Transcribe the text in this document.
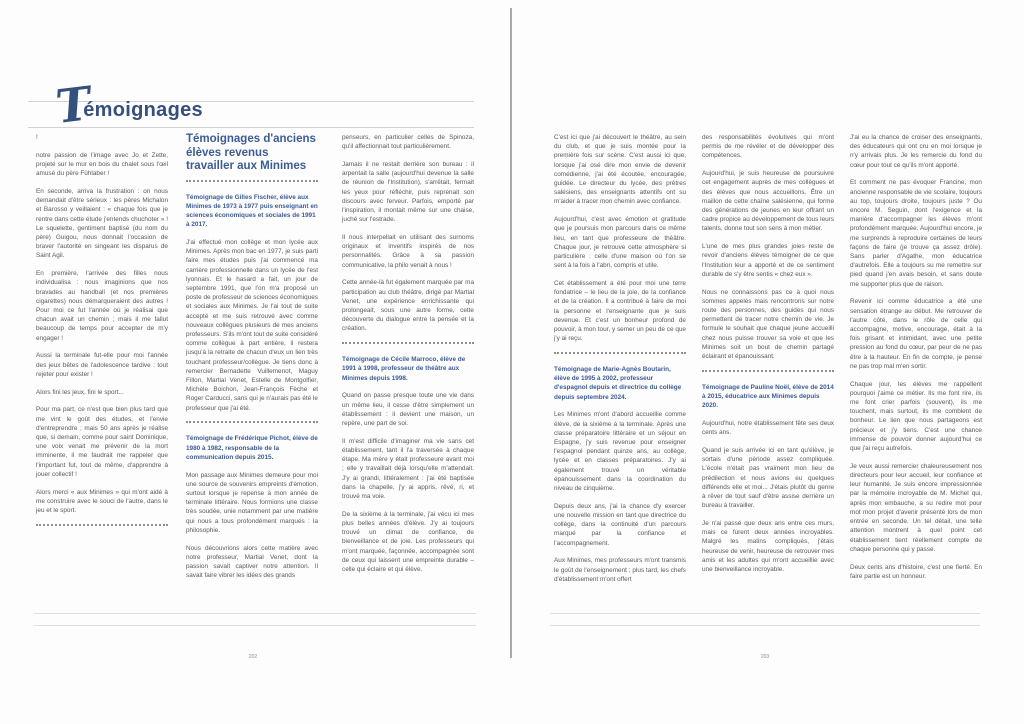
Témoignages
!
notre passion de l'image avec Jo et Zette, projeté sur le mur en bois du chalet sous l'œil amusé du père Fühlaber !
En seconde, arriva la frustration : on nous demandait d'être sérieux : les pères Michalon et Barosso y veillaient : « chaque fois que je rentre dans cette étude j'entends chuchoter » ! Le squelette, gentiment baptisé (du nom du père) Guigou, nous donnait l'occasion de braver l'autorité en singeant les disparus de Saint Agil.
En première, l'arrivée des filles nous individualisa : nous imaginions que nos bravades au handball (et nos premières cigarettes) nous démarqueraient des autres ! Pour moi ce fut l'année où je réalisai que chacun avait un chemin ; mais il me fallut beaucoup de temps pour accepter de m'y engager !
Aussi la terminale fut-elle pour moi l'année des jeux bêtes de l'adolescence tardive : tout rejeter pour exister !
Alors fini les jeux, fini le sport...
Pour ma part, ce n'est que bien plus tard que me vint le goût des études, et l'envie d'entreprendre ; mais 50 ans après je réalise que, si demain, comme pour saint Dominique, une voix venait me prévenir de la mort imminente, il me faudrait me rappeler que l'important fut, tout de même, d'apprendre à jouer collectif !
Alors merci « aux Minimes » qui m'ont aidé à me construire avec le souci de l'autre, dans le jeu et le sport.
Témoignages d'anciens élèves revenus travailler aux Minimes
Témoignage de Gilles Fischer, élève aux Minimes de 1973 à 1977 puis enseignant en sciences économiques et sociales de 1991 à 2017.
J'ai effectué mon collège et mon lycée aux Minimes. Après mon bac en 1977, je suis parti faire mes études puis j'ai commencé ma carrière professionnelle dans un lycée de l'est lyonnais. Et le hasard a fait, un jour de septembre 1991, que l'on m'a proposé un poste de professeur de sciences économiques et sociales aux Minimes. Je l'ai tout de suite accepté et me suis retrouvé avec comme nouveaux collègues plusieurs de mes anciens professeurs. S'ils m'ont tout de suite considéré comme collègue à part entière, il restera jusqu'à la retraite de chacun d'eux un lien très touchant professeur/collègue. Je tiens donc à remercier Bernadette Vuillemenot, Maguy Fillon, Martial Venet, Estelle de Montgolfier, Michèle Boichon, Jean-François Fèche et Roger Carducci, sans qui je n'aurais pas été le professeur que j'ai été.
Témoignage de Frédérique Pichot, élève de 1980 à 1982, responsable de la communication depuis 2015.
Mon passage aux Minimes demeure pour moi une source de souvenirs empreints d'émotion, surtout lorsque je repense à mon année de terminale littéraire. Nous formions une classe très soudée, unie notamment par une matière qui nous a tous profondément marqués : la philosophie.
Nous découvrions alors cette matière avec notre professeur, Martial Venet, dont la passion savait captiver notre attention. Il savait faire vibrer les idées des grands
penseurs, en particulier celles de Spinoza, qu'il affectionnait tout particulièrement.
Jamais il ne restait derrière son bureau : il arpentait la salle (aujourd'hui devenue la salle de réunion de l'Institution), s'arrêtait, fermait les yeux pour réfléchir, puis reprenait son discours avec ferveur. Parfois, emporté par l'inspiration, il montait même sur une chaise, juché sur l'estrade.
Il nous interpellait en utilisant des surnoms originaux et inventifs inspirés de nos personnalités. Grâce à sa passion communicative, la philo venait à nous !
Cette année-là fut également marquée par ma participation au club théâtre, dirigé par Martial Venet, une expérience enrichissante qui prolongeait, sous une autre forme, cette découverte du dialogue entre la pensée et la création.
Témoignage de Cécile Marroco, élève de 1991 à 1998, professeur de théâtre aux Minimes depuis 1998.
Quand on passe presque toute une vie dans un même lieu, il cesse d'être simplement un établissement : il devient une maison, un repère, une part de soi.
Il m'est difficile d'imaginer ma vie sans cet établissement, tant il l'a traversée à chaque étape. Ma mère y était professeure avant moi ; elle y travaillait déjà lorsqu'elle m'attendait. J'y ai grandi, littéralement : j'ai été baptisée dans la chapelle, j'y ai appris, rêvé, ri, et trouvé ma voie.
De la sixième à la terminale, j'ai vécu ici mes plus belles années d'élève. J'y ai toujours trouvé un climat de confiance, de bienveillance et de joie. Les professeurs qui m'ont marquée, façonnée, accompagnée sont de ceux qui laissent une empreinte durable – celle qui éclaire et qui élève.
202
C'est ici que j'ai découvert le théâtre, au sein du club, et que je suis montée pour la première fois sur scène. C'est aussi ici que, lorsque j'ai osé dire mon envie de devenir comédienne, j'ai été écoutée, encouragée, guidée. Le directeur du lycée, des prêtres salésiens, des enseignants attentifs ont su m'aider à tracer mon chemin avec confiance.
Aujourd'hui, c'est avec émotion et gratitude que je poursuis mon parcours dans ce même lieu, en tant que professeure de théâtre. Chaque jour, je retrouve cette atmosphère si particulière : celle d'une maison où l'on se sent à la fois à l'abri, compris et utile.
Cet établissement a été pour moi une terre fondatrice – le lieu de la joie, de la confiance et de la création. Il a contribué à faire de moi la personne et l'enseignante que je suis devenue. Et c'est un bonheur profond de pouvoir, à mon tour, y semer un peu de ce que j'y ai reçu.
Témoignage de Marie-Agnès Boutarin, élève de 1995 à 2002, professeur d'espagnol depuis et directrice du collège depuis septembre 2024.
Les Minimes m'ont d'abord accueillie comme élève, de la sixième à la terminale. Après une classe préparatoire littéraire et un séjour en Espagne, j'y suis revenue pour enseigner l'espagnol pendant quinze ans, au collège, lycée et en classes préparatoires. J'y ai également trouvé un véritable épanouissement dans la coordination du niveau de cinquième.
Depuis deux ans, j'ai la chance d'y exercer une nouvelle mission en tant que directrice du collège, dans la continuité d'un parcours marqué par la confiance et l'accompagnement.
Aux Minimes, mes professeurs m'ont transmis le goût de l'enseignement ; plus tard, les chefs d'établissement m'ont offert
des responsabilités évolutives qui m'ont permis de me révéler et de développer des compétences.
Aujourd'hui, je suis heureuse de poursuivre cet engagement auprès de mes collègues et des élèves que nous accueillons. Être un maillon de cette chaîne salésienne, qui forme des générations de jeunes en leur offrant un cadre propice au développement de tous leurs talents, donne tout son sens à mon métier.
L'une de mes plus grandes joies reste de revoir d'anciens élèves témoigner de ce que l'Institution leur a apporté et de ce sentiment durable de s'y être sentis « chez eux ».
Nous ne connaissons pas ce à quoi nous sommes appelés mais rencontrons sur notre route des personnes, des guides qui nous permettent de tracer notre chemin de vie. Je formule le souhait que chaque jeune accueilli chez nous puisse trouver sa voie et que les Minimes soit un bout de chemin partagé éclairant et épanouissant.
Témoignage de Pauline Noël, élève de 2014 à 2015, éducatrice aux Minimes depuis 2020.
Aujourd'hui, notre établissement fête ses deux cents ans.
Quand je suis arrivée ici en tant qu'élève, je sortais d'une période assez compliquée. L'école n'était pas vraiment mon lieu de prédilection et nous avions eu quelques différends elle et moi... J'étais plutôt du genre à rêver de tout sauf d'être assise derrière un bureau à travailler.
Je n'ai passé que deux ans entre ces murs, mais ce furent deux années incroyables. Malgré les matins compliqués, j'étais heureuse de venir, heureuse de retrouver mes amis et les adultes qui m'ont accueillie avec une bienveillance incroyable.
J'ai eu la chance de croiser des enseignants, des éducateurs qui ont cru en moi lorsque je n'y arrivais plus. Je les remercie du fond du cœur pour tout ce qu'ils m'ont apporté.
Et comment ne pas évoquer Francine, mon ancienne responsable de vie scolaire, toujours au top, toujours droite, toujours juste ? Ou encore M. Seguin, dont l'exigence et la manière d'accompagner les élèves m'ont profondément marquée. Aujourd'hui encore, je me surprends à reproduire certaines de leurs façons de faire (je trouve ça assez drôle). Sans parler d'Agathe, mon éducatrice d'autrefois. Elle a toujours su me remettre sur pied quand j'en avais besoin, et sans doute me supporter plus que de raison.
Revenir ici comme éducatrice a été une sensation étrange au début. Me retrouver de l'autre côté, dans le rôle de celle qui accompagne, motive, encourage, était à la fois grisant et intimidant, avec une petite pression au fond du cœur, par peur de ne pas être à la hauteur. En fin de compte, je pense ne pas trop mal m'en sortir.
Chaque jour, les élèves me rappellent pourquoi j'aime ce métier. Ils me font rire, ils me font crier parfois (souvent), ils me touchent, mais surtout, ils me comblent de bonheur. Le lien que nous partageons est précieux et j'y tiens. C'est une chance immense de pouvoir donner aujourd'hui ce que j'ai reçu autrefois.
Je veux aussi remercier chaleureusement nos directeurs pour leur accueil, leur confiance et leur humanité. Je suis encore impressionnée par la mémoire incroyable de M. Michel qui, après mon embauche, a su redire mot pour mot mon projet d'avenir présenté lors de mon entrée en seconde. Un tel détail, une telle attention montrent à quel point cet établissement tient réellement compte de chaque personne qui y passe.
Deux cents ans d'histoire, c'est une fierté. En faire partie est un honneur.
203
